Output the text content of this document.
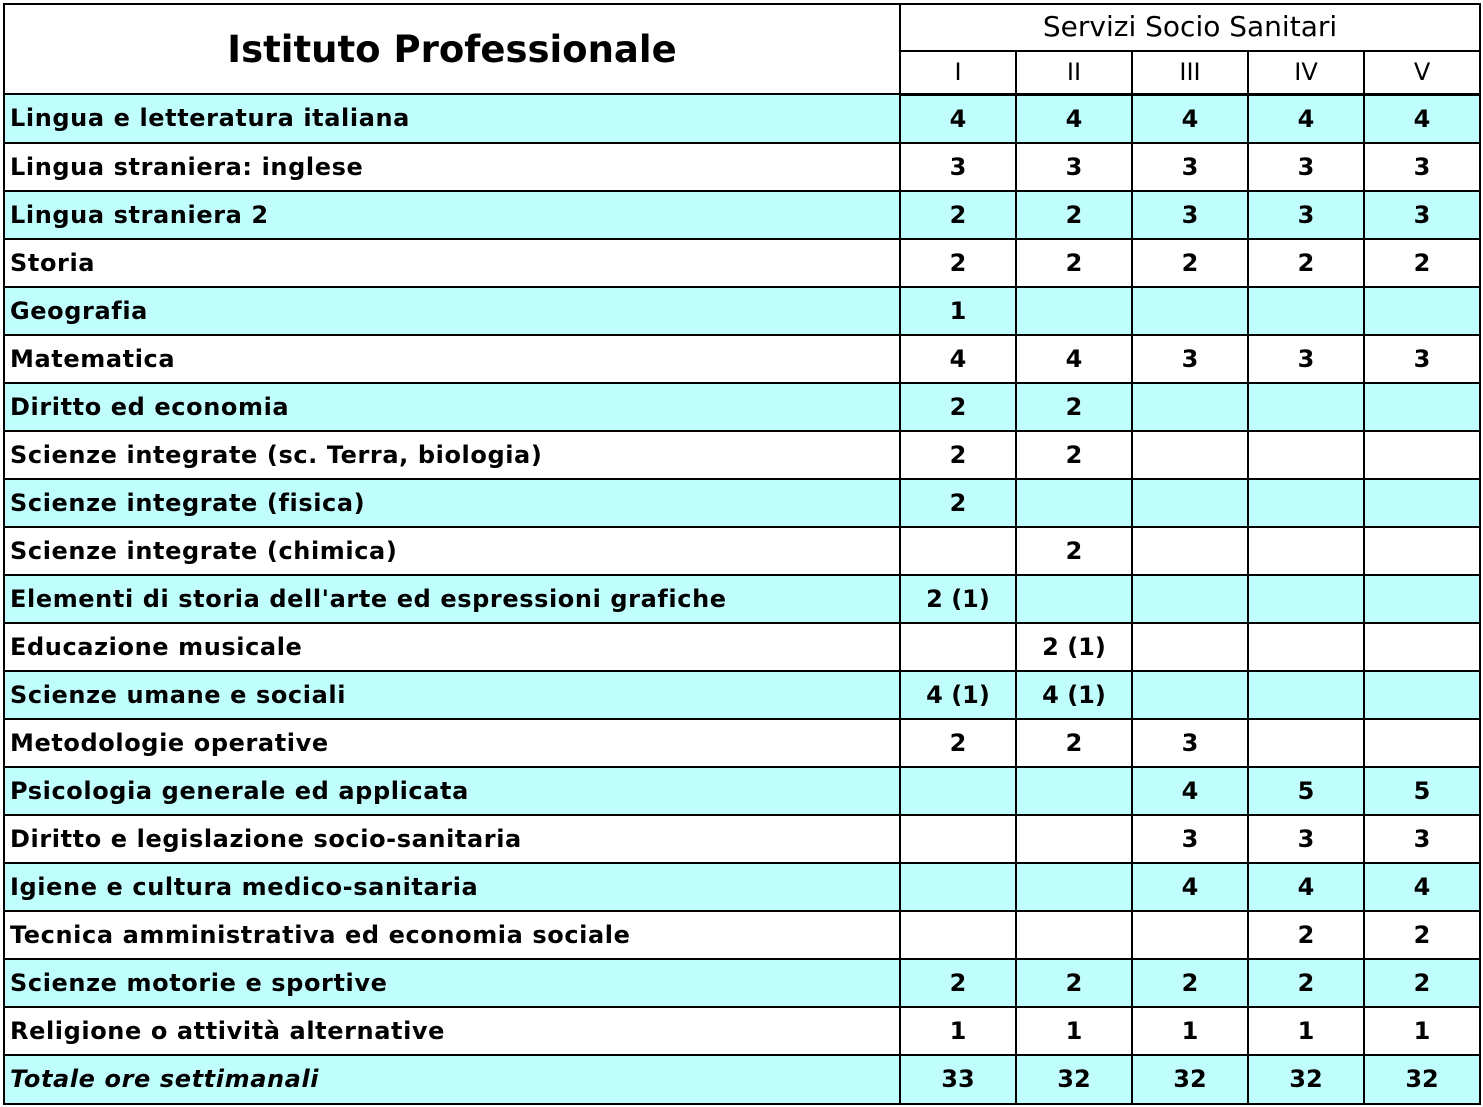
Istituto Professionale	Servizi Socio Sanitari				
	I	II	III	IV	V
Lingua e letteratura italiana	4	4	4	4	4
Lingua straniera: inglese	3	3	3	3	3
Lingua straniera 2	2	2	3	3	3
Storia	2	2	2	2	2
Geografia	1				
Matematica	4	4	3	3	3
Diritto ed economia	2	2			
Scienze integrate (sc. Terra, biologia)	2	2			
Scienze integrate (fisica)	2				
Scienze integrate (chimica)		2			
Elementi di storia dell'arte ed espressioni grafiche	2 (1)				
Educazione musicale		2 (1)			
Scienze umane e sociali	4 (1)	4 (1)			
Metodologie operative	2	2	3		
Psicologia generale ed applicata			4	5	5
Diritto e legislazione socio-sanitaria			3	3	3
Igiene e cultura medico-sanitaria			4	4	4
Tecnica amministrativa ed economia sociale				2	2
Scienze motorie e sportive	2	2	2	2	2
Religione o attività alternative	1	1	1	1	1
Totale ore settimanali	33	32	32	32	32
